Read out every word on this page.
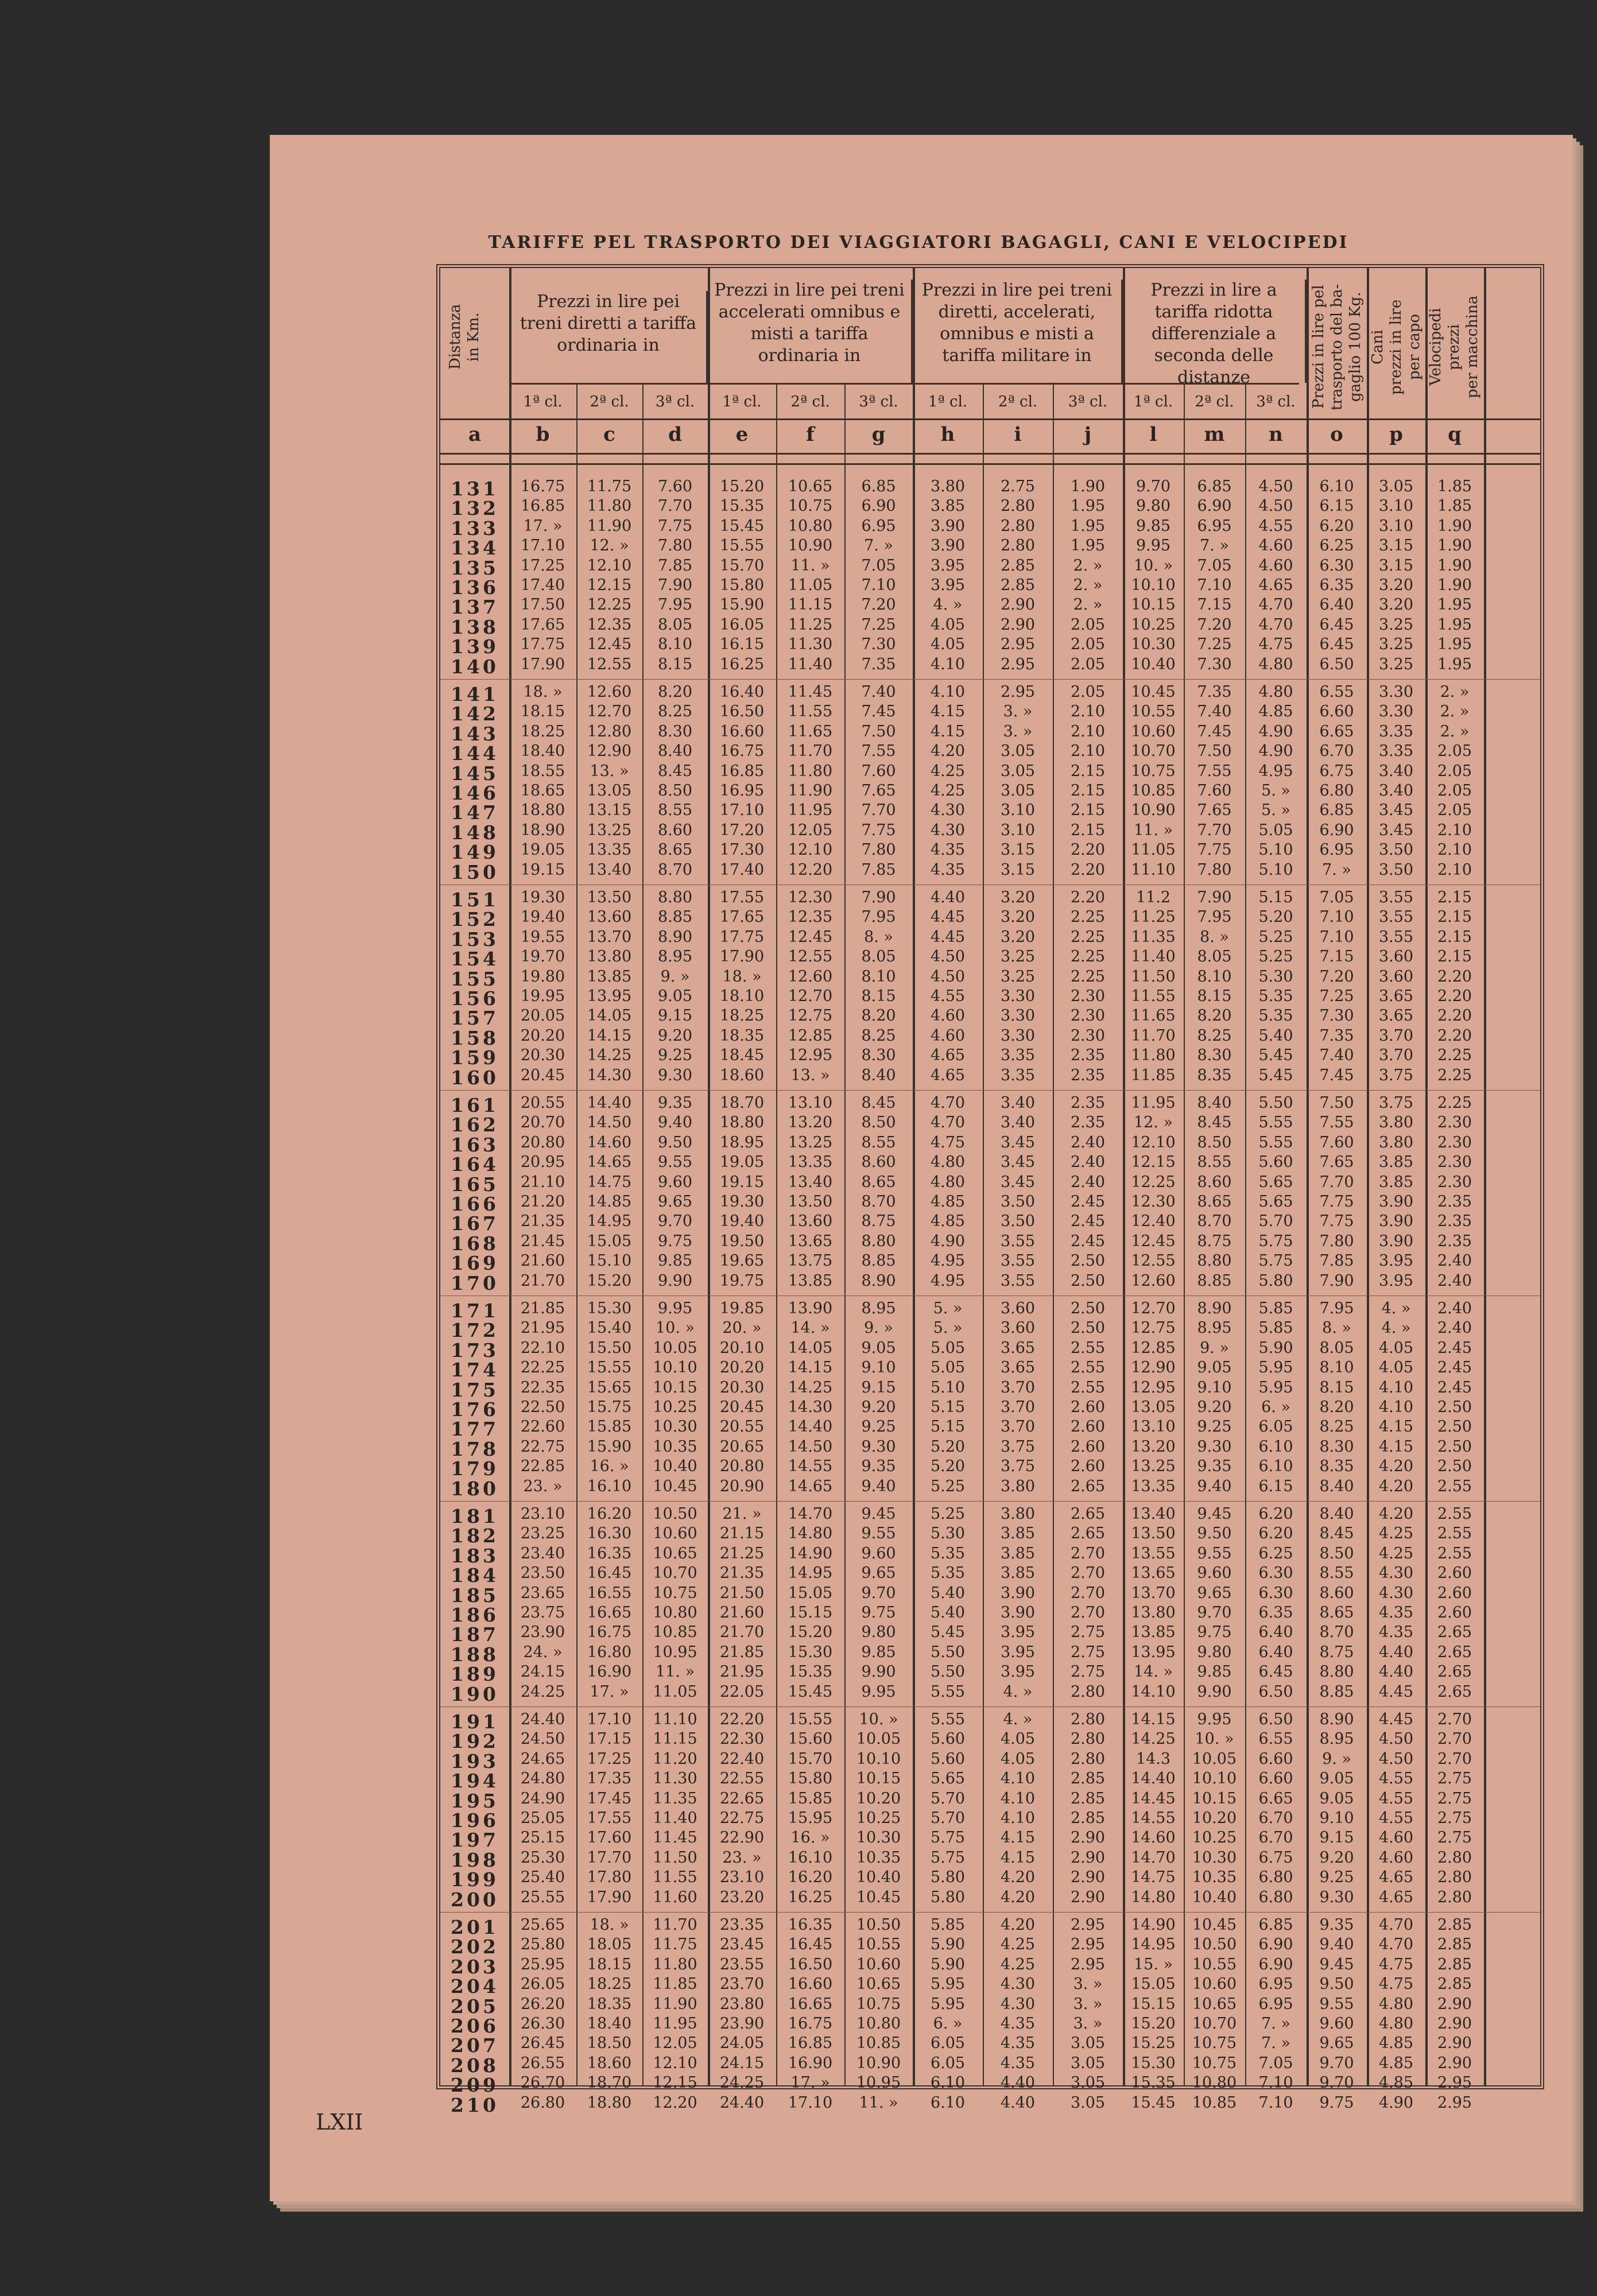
TARIFFE PEL TRASPORTO DEI VIAGGIATORI BAGAGLI, CANI E VELOCIPEDI
Distanza
in Km.
Prezzi in lire pei treni diretti a tariffa ordinaria in
Prezzi in lire pei treni accelerati omnibus e misti a tariffa ordinaria in
Prezzi in lire pei treni diretti, accelerati, omnibus e misti a tariffa militare in
Prezzi in lire a tariffa ridotta differenziale a seconda delle distanze	Prezzi in lire pel
trasporto del ba-
gaglio 100 Kg.
Cani
prezzi in lire
per capo Velocipedi
prezzi
per macchina
1ª cl.	2ª cl.	3ª cl.	1ª cl.	2ª cl.	3ª cl.	1ª cl.	2ª cl.	3ª cl.	1ª cl.	2ª cl.	3ª cl.
a	b	c	d	e	f	g	h	i	j	l	m	n	o	p	q
131	16.75	11.75	7.60	15.20	10.65	6.85	3.80	2.75	1.90	9.70	6.85	4.50	6.10	3.05	1.85
132	16.85	11.80	7.70	15.35	10.75	6.90	3.85	2.80	1.95	9.80	6.90	4.50	6.15	3.10	1.85
133	17. »	11.90	7.75	15.45	10.80	6.95	3.90	2.80	1.95	9.85	6.95	4.55	6.20	3.10	1.90
134	17.10	12. »	7.80	15.55	10.90	7. »	3.90	2.80	1.95	9.95	7. »	4.60	6.25	3.15	1.90
135	17.25	12.10	7.85	15.70	11. »	7.05	3.95	2.85	2. »	10. »	7.05	4.60	6.30	3.15	1.90
136	17.40	12.15	7.90	15.80	11.05	7.10	3.95	2.85	2. »	10.10	7.10	4.65	6.35	3.20	1.90
137	17.50	12.25	7.95	15.90	11.15	7.20	4. »	2.90	2. »	10.15	7.15	4.70	6.40	3.20	1.95
138	17.65	12.35	8.05	16.05	11.25	7.25	4.05	2.90	2.05	10.25	7.20	4.70	6.45	3.25	1.95
139	17.75	12.45	8.10	16.15	11.30	7.30	4.05	2.95	2.05	10.30	7.25	4.75	6.45	3.25	1.95
140	17.90	12.55	8.15	16.25	11.40	7.35	4.10	2.95	2.05	10.40	7.30	4.80	6.50	3.25	1.95
141	18. »	12.60	8.20	16.40	11.45	7.40	4.10	2.95	2.05	10.45	7.35	4.80	6.55	3.30	2. »
142	18.15	12.70	8.25	16.50	11.55	7.45	4.15	3. »	2.10	10.55	7.40	4.85	6.60	3.30	2. »
143	18.25	12.80	8.30	16.60	11.65	7.50	4.15	3. »	2.10	10.60	7.45	4.90	6.65	3.35	2. »
144	18.40	12.90	8.40	16.75	11.70	7.55	4.20	3.05	2.10	10.70	7.50	4.90	6.70	3.35	2.05
145	18.55	13. »	8.45	16.85	11.80	7.60	4.25	3.05	2.15	10.75	7.55	4.95	6.75	3.40	2.05
146	18.65	13.05	8.50	16.95	11.90	7.65	4.25	3.05	2.15	10.85	7.60	5. »	6.80	3.40	2.05
147	18.80	13.15	8.55	17.10	11.95	7.70	4.30	3.10	2.15	10.90	7.65	5. »	6.85	3.45	2.05
148	18.90	13.25	8.60	17.20	12.05	7.75	4.30	3.10	2.15	11. »	7.70	5.05	6.90	3.45	2.10
149	19.05	13.35	8.65	17.30	12.10	7.80	4.35	3.15	2.20	11.05	7.75	5.10	6.95	3.50	2.10
150	19.15	13.40	8.70	17.40	12.20	7.85	4.35	3.15	2.20	11.10	7.80	5.10	7. »	3.50	2.10
151	19.30	13.50	8.80	17.55	12.30	7.90	4.40	3.20	2.20	11.2	7.90	5.15	7.05	3.55	2.15
152	19.40	13.60	8.85	17.65	12.35	7.95	4.45	3.20	2.25	11.25	7.95	5.20	7.10	3.55	2.15
153	19.55	13.70	8.90	17.75	12.45	8. »	4.45	3.20	2.25	11.35	8. »	5.25	7.10	3.55	2.15
154	19.70	13.80	8.95	17.90	12.55	8.05	4.50	3.25	2.25	11.40	8.05	5.25	7.15	3.60	2.15
155	19.80	13.85	9. »	18. »	12.60	8.10	4.50	3.25	2.25	11.50	8.10	5.30	7.20	3.60	2.20
156	19.95	13.95	9.05	18.10	12.70	8.15	4.55	3.30	2.30	11.55	8.15	5.35	7.25	3.65	2.20
157	20.05	14.05	9.15	18.25	12.75	8.20	4.60	3.30	2.30	11.65	8.20	5.35	7.30	3.65	2.20
158	20.20	14.15	9.20	18.35	12.85	8.25	4.60	3.30	2.30	11.70	8.25	5.40	7.35	3.70	2.20
159	20.30	14.25	9.25	18.45	12.95	8.30	4.65	3.35	2.35	11.80	8.30	5.45	7.40	3.70	2.25
160	20.45	14.30	9.30	18.60	13. »	8.40	4.65	3.35	2.35	11.85	8.35	5.45	7.45	3.75	2.25
161	20.55	14.40	9.35	18.70	13.10	8.45	4.70	3.40	2.35	11.95	8.40	5.50	7.50	3.75	2.25
162	20.70	14.50	9.40	18.80	13.20	8.50	4.70	3.40	2.35	12. »	8.45	5.55	7.55	3.80	2.30
163	20.80	14.60	9.50	18.95	13.25	8.55	4.75	3.45	2.40	12.10	8.50	5.55	7.60	3.80	2.30
164	20.95	14.65	9.55	19.05	13.35	8.60	4.80	3.45	2.40	12.15	8.55	5.60	7.65	3.85	2.30
165	21.10	14.75	9.60	19.15	13.40	8.65	4.80	3.45	2.40	12.25	8.60	5.65	7.70	3.85	2.30
166	21.20	14.85	9.65	19.30	13.50	8.70	4.85	3.50	2.45	12.30	8.65	5.65	7.75	3.90	2.35
167	21.35	14.95	9.70	19.40	13.60	8.75	4.85	3.50	2.45	12.40	8.70	5.70	7.75	3.90	2.35
168	21.45	15.05	9.75	19.50	13.65	8.80	4.90	3.55	2.45	12.45	8.75	5.75	7.80	3.90	2.35
169	21.60	15.10	9.85	19.65	13.75	8.85	4.95	3.55	2.50	12.55	8.80	5.75	7.85	3.95	2.40
170	21.70	15.20	9.90	19.75	13.85	8.90	4.95	3.55	2.50	12.60	8.85	5.80	7.90	3.95	2.40
171	21.85	15.30	9.95	19.85	13.90	8.95	5. »	3.60	2.50	12.70	8.90	5.85	7.95	4. »	2.40
172	21.95	15.40	10. »	20. »	14. »	9. »	5. »	3.60	2.50	12.75	8.95	5.85	8. »	4. »	2.40
173	22.10	15.50	10.05	20.10	14.05	9.05	5.05	3.65	2.55	12.85	9. »	5.90	8.05	4.05	2.45
174	22.25	15.55	10.10	20.20	14.15	9.10	5.05	3.65	2.55	12.90	9.05	5.95	8.10	4.05	2.45
175	22.35	15.65	10.15	20.30	14.25	9.15	5.10	3.70	2.55	12.95	9.10	5.95	8.15	4.10	2.45
176	22.50	15.75	10.25	20.45	14.30	9.20	5.15	3.70	2.60	13.05	9.20	6. »	8.20	4.10	2.50
177	22.60	15.85	10.30	20.55	14.40	9.25	5.15	3.70	2.60	13.10	9.25	6.05	8.25	4.15	2.50
178	22.75	15.90	10.35	20.65	14.50	9.30	5.20	3.75	2.60	13.20	9.30	6.10	8.30	4.15	2.50
179	22.85	16. »	10.40	20.80	14.55	9.35	5.20	3.75	2.60	13.25	9.35	6.10	8.35	4.20	2.50
180	23. »	16.10	10.45	20.90	14.65	9.40	5.25	3.80	2.65	13.35	9.40	6.15	8.40	4.20	2.55
181	23.10	16.20	10.50	21. »	14.70	9.45	5.25	3.80	2.65	13.40	9.45	6.20	8.40	4.20	2.55
182	23.25	16.30	10.60	21.15	14.80	9.55	5.30	3.85	2.65	13.50	9.50	6.20	8.45	4.25	2.55
183	23.40	16.35	10.65	21.25	14.90	9.60	5.35	3.85	2.70	13.55	9.55	6.25	8.50	4.25	2.55
184	23.50	16.45	10.70	21.35	14.95	9.65	5.35	3.85	2.70	13.65	9.60	6.30	8.55	4.30	2.60
185	23.65	16.55	10.75	21.50	15.05	9.70	5.40	3.90	2.70	13.70	9.65	6.30	8.60	4.30	2.60
186	23.75	16.65	10.80	21.60	15.15	9.75	5.40	3.90	2.70	13.80	9.70	6.35	8.65	4.35	2.60
187	23.90	16.75	10.85	21.70	15.20	9.80	5.45	3.95	2.75	13.85	9.75	6.40	8.70	4.35	2.65
188	24. »	16.80	10.95	21.85	15.30	9.85	5.50	3.95	2.75	13.95	9.80	6.40	8.75	4.40	2.65
189	24.15	16.90	11. »	21.95	15.35	9.90	5.50	3.95	2.75	14. »	9.85	6.45	8.80	4.40	2.65
190	24.25	17. »	11.05	22.05	15.45	9.95	5.55	4. »	2.80	14.10	9.90	6.50	8.85	4.45	2.65
191	24.40	17.10	11.10	22.20	15.55	10. »	5.55	4. »	2.80	14.15	9.95	6.50	8.90	4.45	2.70
192	24.50	17.15	11.15	22.30	15.60	10.05	5.60	4.05	2.80	14.25	10. »	6.55	8.95	4.50	2.70
193	24.65	17.25	11.20	22.40	15.70	10.10	5.60	4.05	2.80	14.3	10.05	6.60	9. »	4.50	2.70
194	24.80	17.35	11.30	22.55	15.80	10.15	5.65	4.10	2.85	14.40	10.10	6.60	9.05	4.55	2.75
195	24.90	17.45	11.35	22.65	15.85	10.20	5.70	4.10	2.85	14.45	10.15	6.65	9.05	4.55	2.75
196	25.05	17.55	11.40	22.75	15.95	10.25	5.70	4.10	2.85	14.55	10.20	6.70	9.10	4.55	2.75
197	25.15	17.60	11.45	22.90	16. »	10.30	5.75	4.15	2.90	14.60	10.25	6.70	9.15	4.60	2.75
198	25.30	17.70	11.50	23. »	16.10	10.35	5.75	4.15	2.90	14.70	10.30	6.75	9.20	4.60	2.80
199	25.40	17.80	11.55	23.10	16.20	10.40	5.80	4.20	2.90	14.75	10.35	6.80	9.25	4.65	2.80
200	25.55	17.90	11.60	23.20	16.25	10.45	5.80	4.20	2.90	14.80	10.40	6.80	9.30	4.65	2.80
201	25.65	18. »	11.70	23.35	16.35	10.50	5.85	4.20	2.95	14.90	10.45	6.85	9.35	4.70	2.85
202	25.80	18.05	11.75	23.45	16.45	10.55	5.90	4.25	2.95	14.95	10.50	6.90	9.40	4.70	2.85
203	25.95	18.15	11.80	23.55	16.50	10.60	5.90	4.25	2.95	15. »	10.55	6.90	9.45	4.75	2.85
204	26.05	18.25	11.85	23.70	16.60	10.65	5.95	4.30	3. »	15.05	10.60	6.95	9.50	4.75	2.85
205	26.20	18.35	11.90	23.80	16.65	10.75	5.95	4.30	3. »	15.15	10.65	6.95	9.55	4.80	2.90
206	26.30	18.40	11.95	23.90	16.75	10.80	6. »	4.35	3. »	15.20	10.70	7. »	9.60	4.80	2.90
207	26.45	18.50	12.05	24.05	16.85	10.85	6.05	4.35	3.05	15.25	10.75	7. »	9.65	4.85	2.90
208	26.55	18.60	12.10	24.15	16.90	10.90	6.05	4.35	3.05	15.30	10.75	7.05	9.70	4.85	2.90
209	26.70	18.70	12.15	24.25	17. »	10.95	6.10	4.40	3.05	15.35	10.80	7.10	9.70	4.85	2.95
210	26.80	18.80	12.20	24.40	17.10	11. »	6.10	4.40	3.05	15.45	10.85	7.10	9.75	4.90	2.95
LXII
